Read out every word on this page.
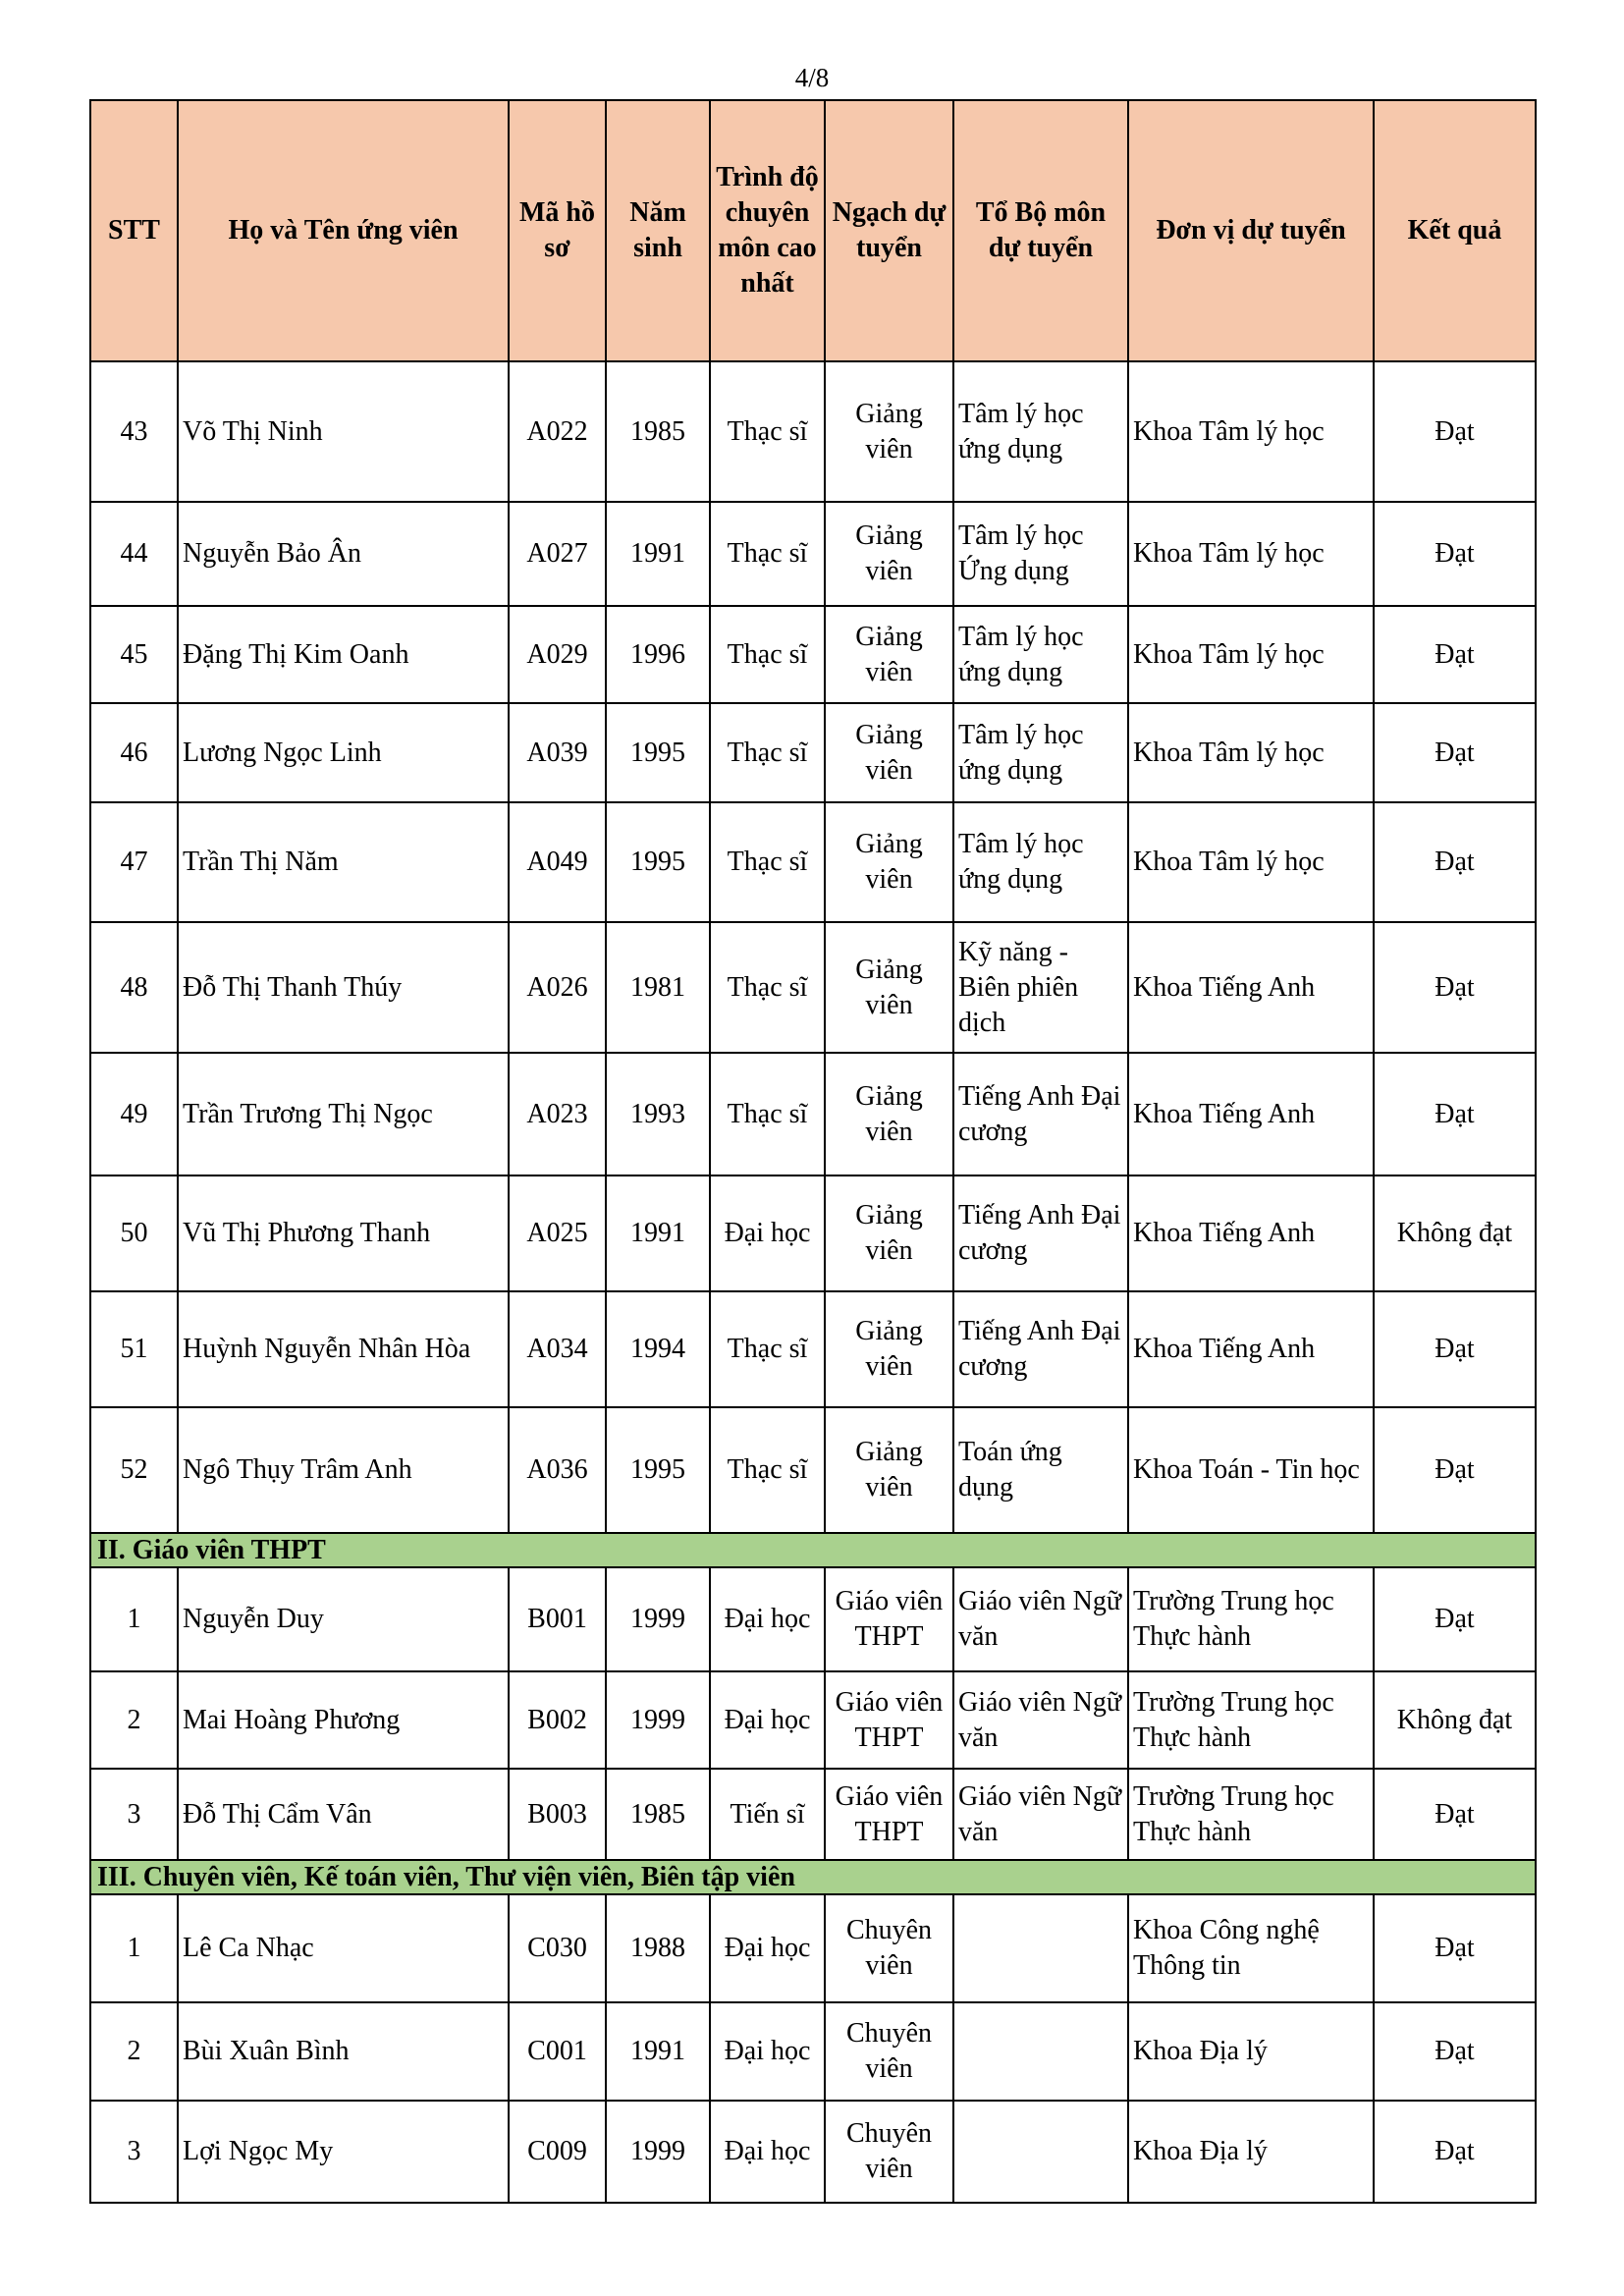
4/8
STT	Họ và Tên ứng viên	Mã hồ sơ	Năm sinh	Trình độ chuyên môn cao nhất	Ngạch dự tuyển	Tổ Bộ môn dự tuyển	Đơn vị dự tuyển	Kết quả
43	Võ Thị Ninh	A022	1985	Thạc sĩ	Giảng viên	Tâm lý học ứng dụng	Khoa Tâm lý học	Đạt
44	Nguyễn Bảo Ân	A027	1991	Thạc sĩ	Giảng viên	Tâm lý học Ứng dụng	Khoa Tâm lý học	Đạt
45	Đặng Thị Kim Oanh	A029	1996	Thạc sĩ	Giảng viên	Tâm lý học ứng dụng	Khoa Tâm lý học	Đạt
46	Lương Ngọc Linh	A039	1995	Thạc sĩ	Giảng viên	Tâm lý học ứng dụng	Khoa Tâm lý học	Đạt
47	Trần Thị Năm	A049	1995	Thạc sĩ	Giảng viên	Tâm lý học ứng dụng	Khoa Tâm lý học	Đạt
48	Đỗ Thị Thanh Thúy	A026	1981	Thạc sĩ	Giảng viên	Kỹ năng - Biên phiên dịch	Khoa Tiếng Anh	Đạt
49	Trần Trương Thị Ngọc	A023	1993	Thạc sĩ	Giảng viên	Tiếng Anh Đại cương	Khoa Tiếng Anh	Đạt
50	Vũ Thị Phương Thanh	A025	1991	Đại học	Giảng viên	Tiếng Anh Đại cương	Khoa Tiếng Anh	Không đạt
51	Huỳnh Nguyễn Nhân Hòa	A034	1994	Thạc sĩ	Giảng viên	Tiếng Anh Đại cương	Khoa Tiếng Anh	Đạt
52	Ngô Thụy Trâm Anh	A036	1995	Thạc sĩ	Giảng viên	Toán ứng dụng	Khoa Toán - Tin học	Đạt
II. Giáo viên THPT								
1	Nguyễn Duy	B001	1999	Đại học	Giáo viên THPT	Giáo viên Ngữ văn	Trường Trung học Thực hành	Đạt
2	Mai Hoàng Phương	B002	1999	Đại học	Giáo viên THPT	Giáo viên Ngữ văn	Trường Trung học Thực hành	Không đạt
3	Đỗ Thị Cẩm Vân	B003	1985	Tiến sĩ	Giáo viên THPT	Giáo viên Ngữ văn	Trường Trung học Thực hành	Đạt
III. Chuyên viên, Kế toán viên, Thư viện viên, Biên tập viên								
1	Lê Ca Nhạc	C030	1988	Đại học	Chuyên viên		Khoa Công nghệ Thông tin	Đạt
2	Bùi Xuân Bình	C001	1991	Đại học	Chuyên viên		Khoa Địa lý	Đạt
3	Lợi Ngọc My	C009	1999	Đại học	Chuyên viên		Khoa Địa lý	Đạt
